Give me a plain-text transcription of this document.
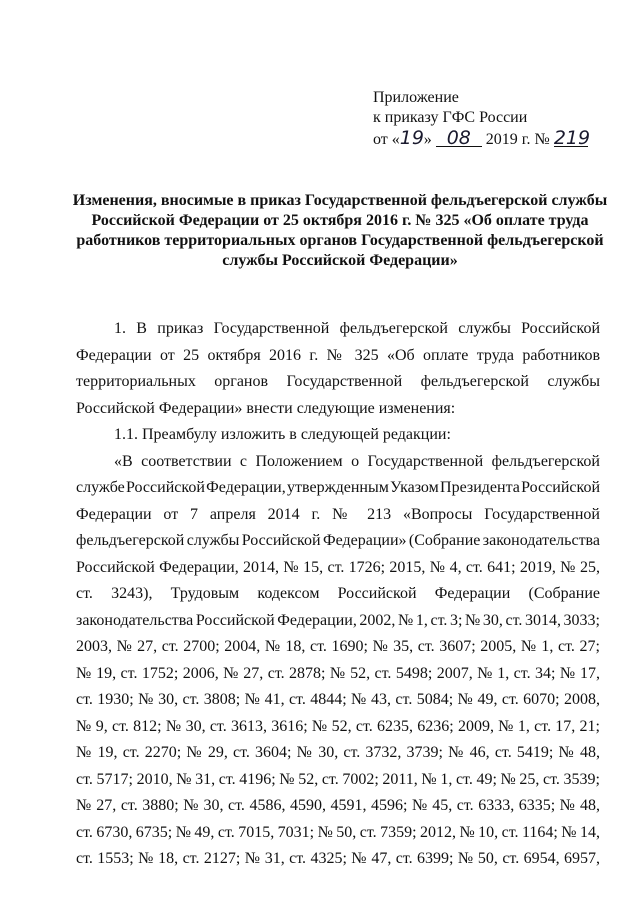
Приложение
к приказу ГФС России
от «19» 08 2019 г. № 219
Изменения, вносимые в приказ Государственной фельдъегерской службы
Российской Федерации от 25 октября 2016 г. № 325 «Об оплате труда
работников территориальных органов Государственной фельдъегерской
службы Российской Федерации»
1. В приказ Государственной фельдъегерской службы Российской
Федерации от 25 октября 2016 г. № 325 «Об оплате труда работников
территориальных органов Государственной фельдъегерской службы
Российской Федерации» внести следующие изменения:
1.1. Преамбулу изложить в следующей редакции:
«В соответствии с Положением о Государственной фельдъегерской
службе Российской Федерации, утвержденным Указом Президента Российской
Федерации от 7 апреля 2014 г. № 213 «Вопросы Государственной
фельдъегерской службы Российской Федерации» (Собрание законодательства
Российской Федерации, 2014, № 15, ст. 1726; 2015, № 4, ст. 641; 2019, № 25,
ст. 3243), Трудовым кодексом Российской Федерации (Собрание
законодательства Российской Федерации, 2002, № 1, ст. 3; № 30, ст. 3014, 3033;
2003, № 27, ст. 2700; 2004, № 18, ст. 1690; № 35, ст. 3607; 2005, № 1, ст. 27;
№ 19, ст. 1752; 2006, № 27, ст. 2878; № 52, ст. 5498; 2007, № 1, ст. 34; № 17,
ст. 1930; № 30, ст. 3808; № 41, ст. 4844; № 43, ст. 5084; № 49, ст. 6070; 2008,
№ 9, ст. 812; № 30, ст. 3613, 3616; № 52, ст. 6235, 6236; 2009, № 1, ст. 17, 21;
№ 19, ст. 2270; № 29, ст. 3604; № 30, ст. 3732, 3739; № 46, ст. 5419; № 48,
ст. 5717; 2010, № 31, ст. 4196; № 52, ст. 7002; 2011, № 1, ст. 49; № 25, ст. 3539;
№ 27, ст. 3880; № 30, ст. 4586, 4590, 4591, 4596; № 45, ст. 6333, 6335; № 48,
ст. 6730, 6735; № 49, ст. 7015, 7031; № 50, ст. 7359; 2012, № 10, ст. 1164; № 14,
ст. 1553; № 18, ст. 2127; № 31, ст. 4325; № 47, ст. 6399; № 50, ст. 6954, 6957,
